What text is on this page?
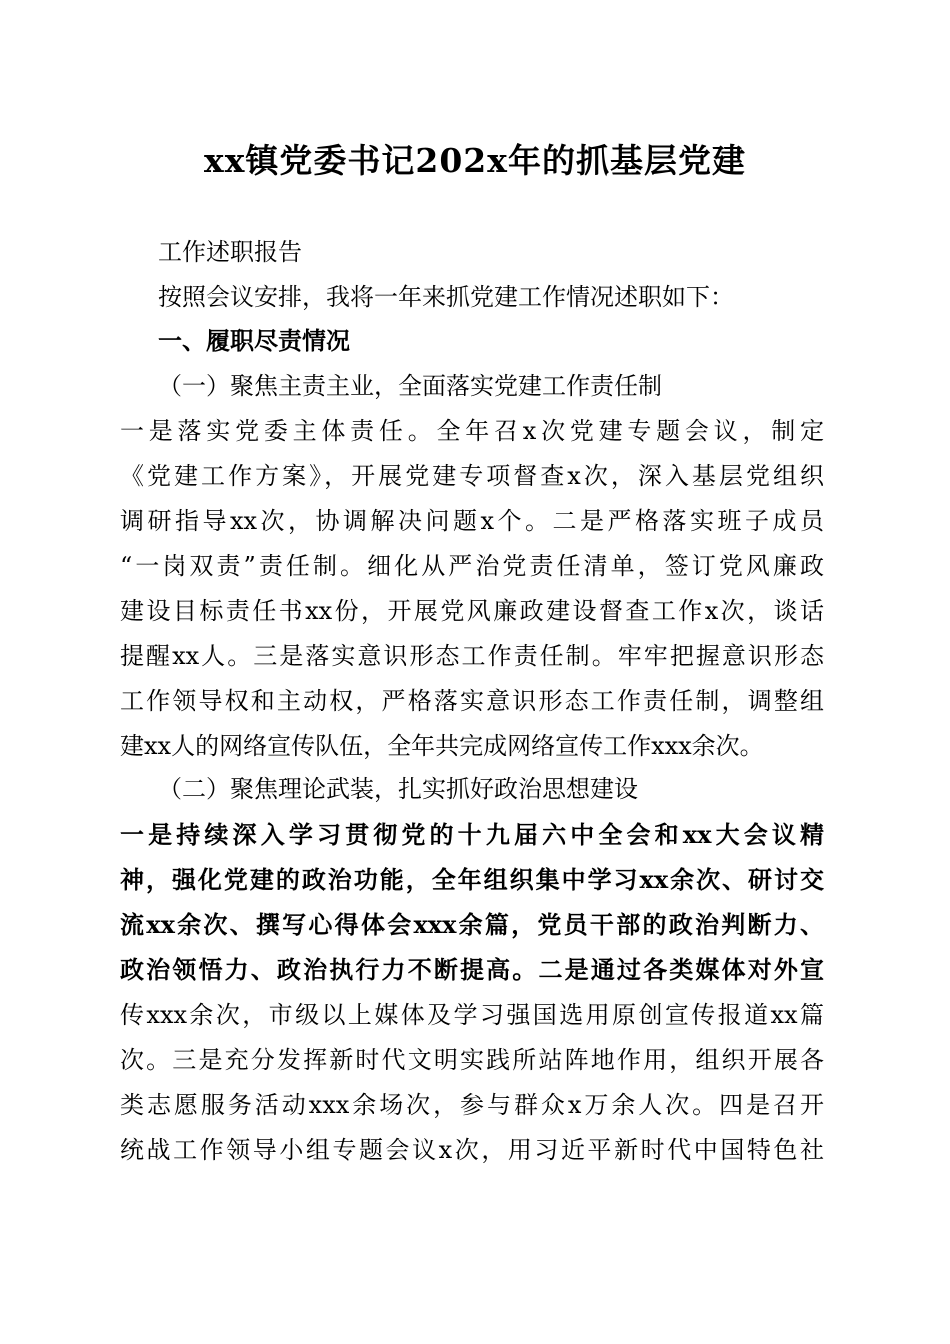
xx镇党委书记202x年的抓基层党建
工作述职报告
按照会议安排，我将一年来抓党建工作情况述职如下：
一、履职尽责情况
（一）聚焦主责主业，全面落实党建工作责任制
一是落实党委主体责任。全年召x次党建专题会议，制定
《党建工作方案》，开展党建专项督查x次，深入基层党组织
调研指导xx次，协调解决问题x个。二是严格落实班子成员
“一岗双责”责任制。细化从严治党责任清单，签订党风廉政
建设目标责任书xx份，开展党风廉政建设督查工作x次，谈话
提醒xx人。三是落实意识形态工作责任制。牢牢把握意识形态
工作领导权和主动权，严格落实意识形态工作责任制，调整组
建xx人的网络宣传队伍，全年共完成网络宣传工作xxx余次。
（二）聚焦理论武装，扎实抓好政治思想建设
一是持续深入学习贯彻党的十九届六中全会和xx大会议精
神，强化党建的政治功能，全年组织集中学习xx余次、研讨交
流xx余次、撰写心得体会xxx余篇，党员干部的政治判断力、
政治领悟力、政治执行力不断提高。二是通过各类媒体对外宣
传xxx余次，市级以上媒体及学习强国选用原创宣传报道xx篇
次。三是充分发挥新时代文明实践所站阵地作用，组织开展各
类志愿服务活动xxx余场次，参与群众x万余人次。四是召开
统战工作领导小组专题会议x次，用习近平新时代中国特色社
